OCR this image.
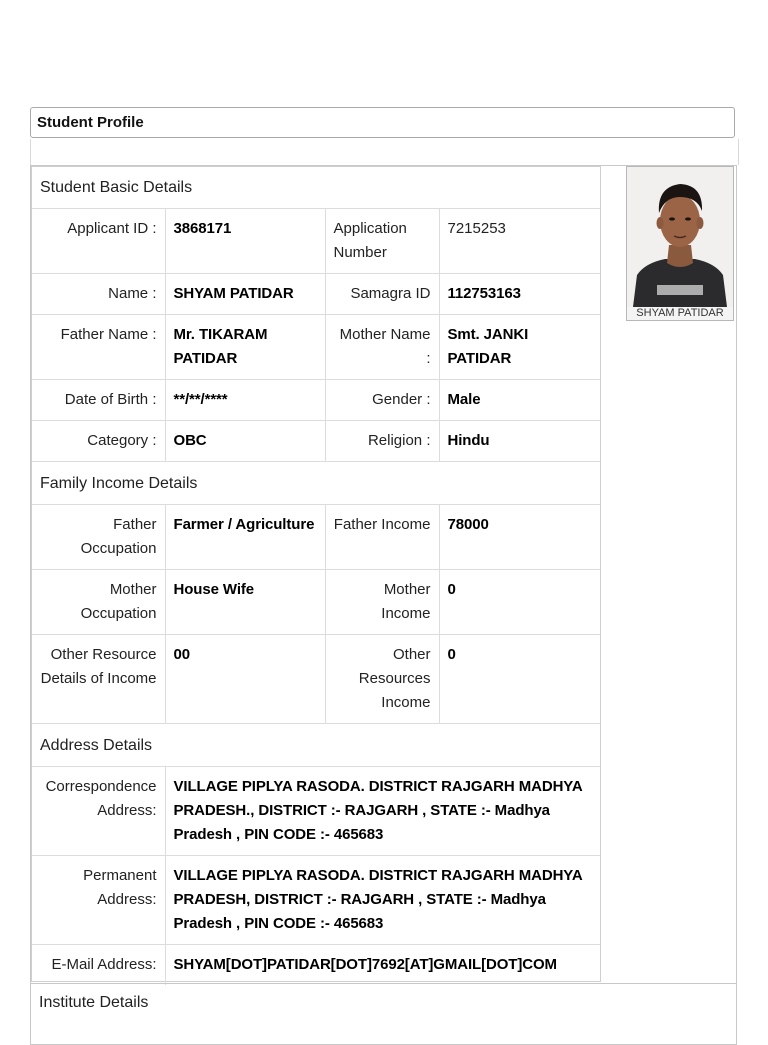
Student Profile
Student Basic Details			
Applicant ID :	3868171	Application Number	7215253
Name :	SHYAM PATIDAR	Samagra ID	112753163
Father Name :	Mr. TIKARAM PATIDAR	Mother Name :	Smt. JANKI PATIDAR
Date of Birth :	**/**/****	Gender :	Male
Category :	OBC	Religion :	Hindu
Family Income Details			
Father Occupation	Farmer / Agriculture	Father Income	78000
Mother Occupation	House Wife	Mother Income	0
Other Resource Details of Income	00	Other Resources Income	0
Address Details			
Correspondence Address:	VILLAGE PIPLYA RASODA. DISTRICT RAJGARH MADHYA PRADESH., DISTRICT :- RAJGARH , STATE :- Madhya Pradesh , PIN CODE :- 465683		
Permanent Address:	VILLAGE PIPLYA RASODA. DISTRICT RAJGARH MADHYA PRADESH, DISTRICT :- RAJGARH , STATE :- Madhya Pradesh , PIN CODE :- 465683		
E-Mail Address:	SHYAM[DOT]PATIDAR[DOT]7692[AT]GMAIL[DOT]COM		
SHYAM PATIDAR
Institute Details
